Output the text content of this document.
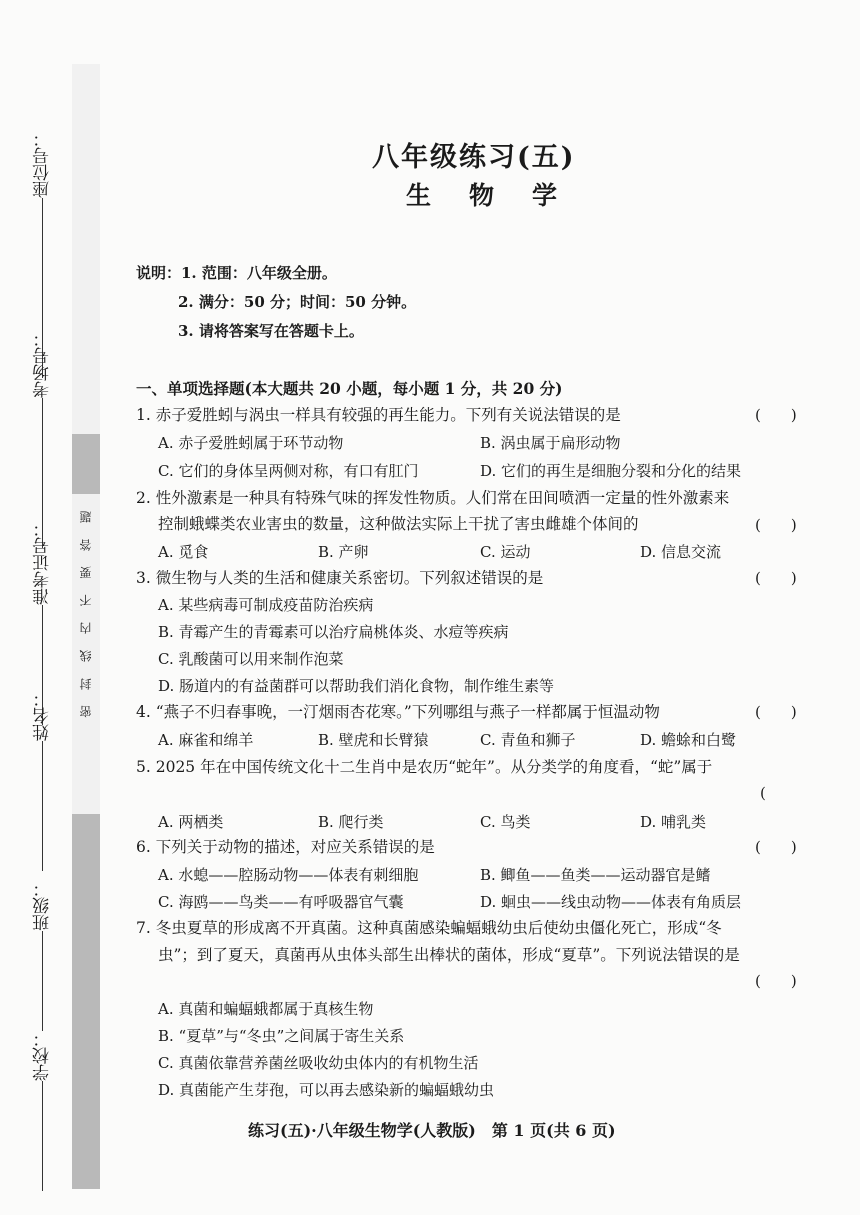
密 封 线 内 不 要 答 题
座位号：
考场号：
准考证号：
姓名：
班级：
学校：
八年级练习(五)
生物学
说明：1. 范围：八年级全册。
2. 满分：50 分；时间：50 分钟。
3. 请将答案写在答题卡上。
一、单项选择题(本大题共 20 小题，每小题 1 分，共 20 分)
1. 赤子爱胜蚓与涡虫一样具有较强的再生能力。下列有关说法错误的是	(　　)
A. 赤子爱胜蚓属于环节动物	B. 涡虫属于扁形动物
C. 它们的身体呈两侧对称，有口有肛门	D. 它们的再生是细胞分裂和分化的结果
2. 性外激素是一种具有特殊气味的挥发性物质。人们常在田间喷洒一定量的性外激素来
控制蛾蝶类农业害虫的数量，这种做法实际上干扰了害虫雌雄个体间的	(　　)
A. 觅食	B. 产卵	C. 运动	D. 信息交流
3. 微生物与人类的生活和健康关系密切。下列叙述错误的是	(　　)
A. 某些病毒可制成疫苗防治疾病
B. 青霉产生的青霉素可以治疗扁桃体炎、水痘等疾病
C. 乳酸菌可以用来制作泡菜
D. 肠道内的有益菌群可以帮助我们消化食物，制作维生素等
4. “燕子不归春事晚，一汀烟雨杏花寒。”下列哪组与燕子一样都属于恒温动物	(　　)
A. 麻雀和绵羊	B. 壁虎和长臂猿	C. 青鱼和狮子	D. 蟾蜍和白鹭
5. 2025 年在中国传统文化十二生肖中是农历“蛇年”。从分类学的角度看，“蛇”属于
(
A. 两栖类	B. 爬行类	C. 鸟类	D. 哺乳类
6. 下列关于动物的描述，对应关系错误的是	(　　)
A. 水螅——腔肠动物——体表有刺细胞	B. 鲫鱼——鱼类——运动器官是鳍
C. 海鸥——鸟类——有呼吸器官气囊	D. 蛔虫——线虫动物——体表有角质层
7. 冬虫夏草的形成离不开真菌。这种真菌感染蝙蝠蛾幼虫后使幼虫僵化死亡，形成“冬
虫”；到了夏天，真菌再从虫体头部生出棒状的菌体，形成“夏草”。下列说法错误的是
(　　)
A. 真菌和蝙蝠蛾都属于真核生物
B. “夏草”与“冬虫”之间属于寄生关系
C. 真菌依靠营养菌丝吸收幼虫体内的有机物生活
D. 真菌能产生芽孢，可以再去感染新的蝙蝠蛾幼虫
练习(五)·八年级生物学(人教版)　第 1 页(共 6 页)
